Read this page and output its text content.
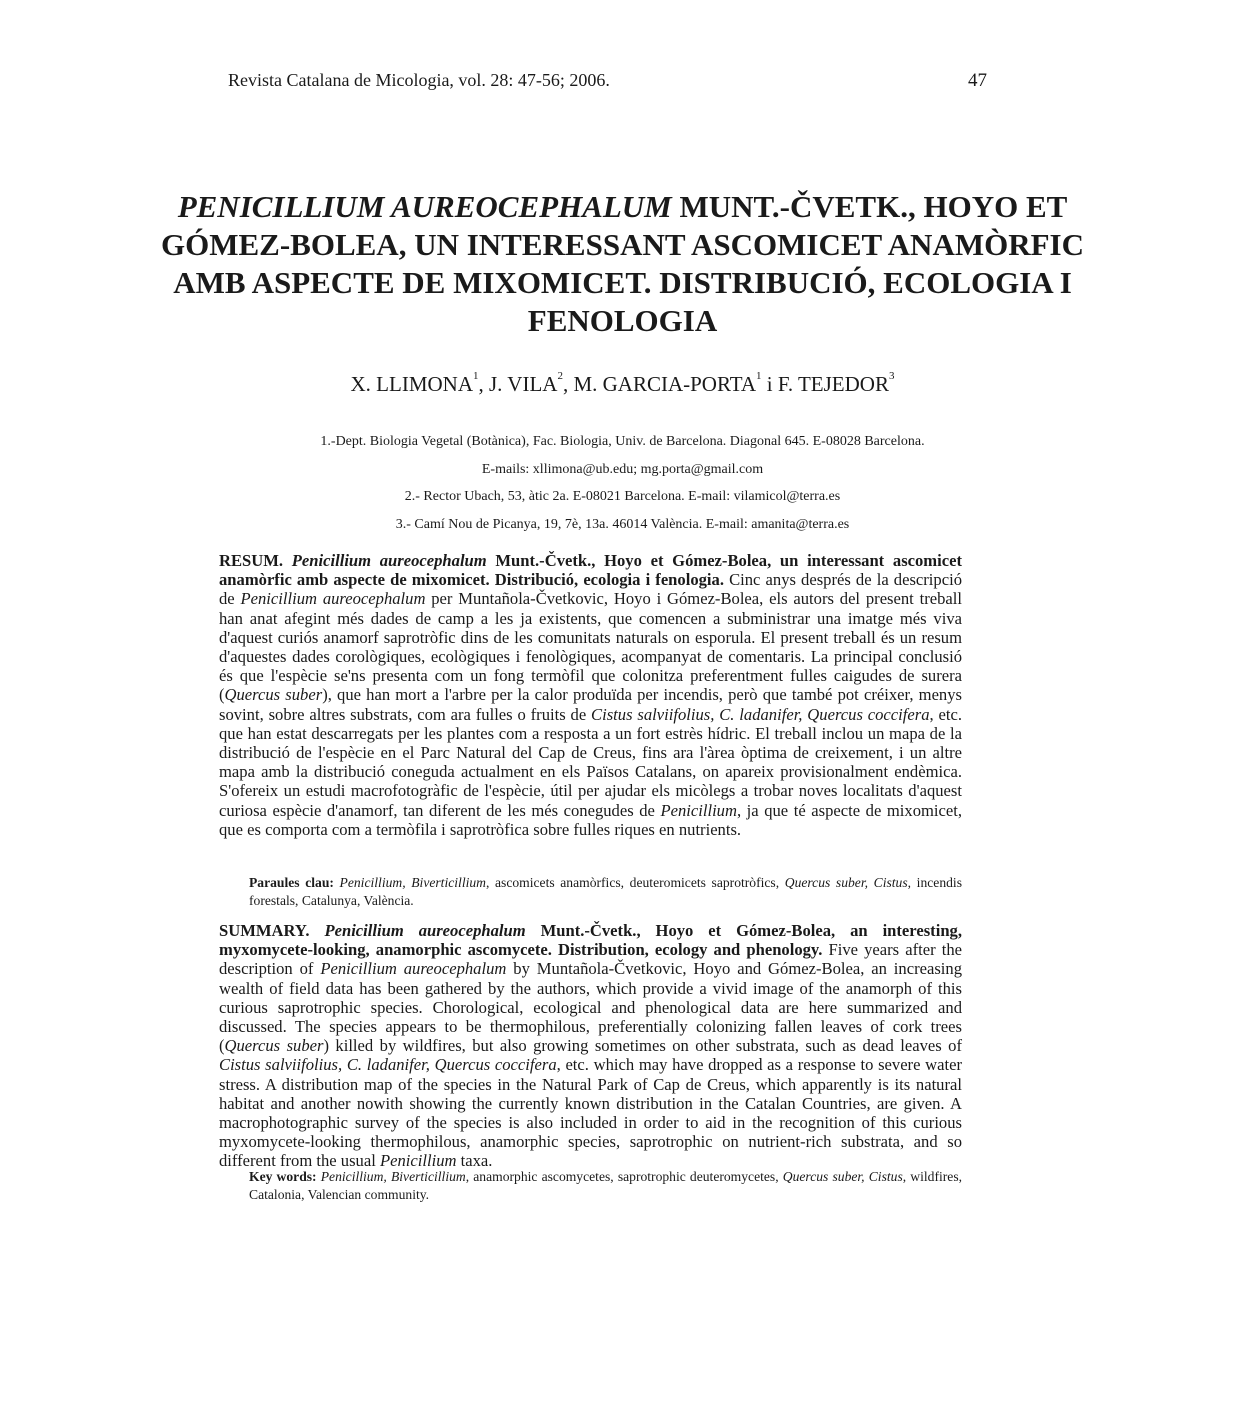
Revista Catalana de Micologia, vol. 28: 47-56; 2006.	47
PENICILLIUM AUREOCEPHALUM MUNT.-ČVETK., HOYO ET GÓMEZ-BOLEA, UN INTERESSANT ASCOMICET ANAMÒRFIC AMB ASPECTE DE MIXOMICET. DISTRIBUCIÓ, ECOLOGIA I FENOLOGIA
X. LLIMONA$^1$, J. VILA$^2$, M. GARCIA-PORTA$^1$ i F. TEJEDOR$^3$
1.-Dept. Biologia Vegetal (Botànica), Fac. Biologia, Univ. de Barcelona. Diagonal 645. E-08028 Barcelona.
E-mails: xllimona@ub.edu; mg.porta@gmail.com
2.- Rector Ubach, 53, àtic 2a. E-08021 Barcelona. E-mail: vilamicol@terra.es
3.- Camí Nou de Picanya, 19, 7è, 13a. 46014 València. E-mail: amanita@terra.es
RESUM. Penicillium aureocephalum Munt.-Čvetk., Hoyo et Gómez-Bolea, un interessant ascomicet anamòrfic amb aspecte de mixomicet. Distribució, ecologia i fenologia. Cinc anys després de la descripció de Penicillium aureocephalum per Muntañola-Čvetkovic, Hoyo i Gómez-Bolea, els autors del present treball han anat afegint més dades de camp a les ja existents, que comencen a subministrar una imatge més viva d'aquest curiós anamorf saprotròfic dins de les comunitats naturals on esporula. El present treball és un resum d'aquestes dades corològiques, ecològiques i fenològiques, acompanyat de comentaris. La principal conclusió és que l'espècie se'ns presenta com un fong termòfil que colonitza preferentment fulles caigudes de surera (Quercus suber), que han mort a l'arbre per la calor produïda per incendis, però que també pot créixer, menys sovint, sobre altres substrats, com ara fulles o fruits de Cistus salviifolius, C. ladanifer, Quercus coccifera, etc. que han estat descarregats per les plantes com a resposta a un fort estrès hídric. El treball inclou un mapa de la distribució de l'espècie en el Parc Natural del Cap de Creus, fins ara l'àrea òptima de creixement, i un altre mapa amb la distribució coneguda actualment en els Països Catalans, on apareix provisionalment endèmica. S'ofereix un estudi macrofotogràfic de l'espècie, útil per ajudar els micòlegs a trobar noves localitats d'aquest curiosa espècie d'anamorf, tan diferent de les més conegudes de Penicillium, ja que té aspecte de mixomicet, que es comporta com a termòfila i saprotròfica sobre fulles riques en nutrients.
Paraules clau: Penicillium, Biverticillium, ascomicets anamòrfics, deuteromicets saprotròfics, Quercus suber, Cistus, incendis forestals, Catalunya, València.
SUMMARY. Penicillium aureocephalum Munt.-Čvetk., Hoyo et Gómez-Bolea, an interesting, myxomycete-looking, anamorphic ascomycete. Distribution, ecology and phenology. Five years after the description of Penicillium aureocephalum by Muntañola-Čvetkovic, Hoyo and Gómez-Bolea, an increasing wealth of field data has been gathered by the authors, which provide a vivid image of the anamorph of this curious saprotrophic species. Chorological, ecological and phenological data are here summarized and discussed. The species appears to be thermophilous, preferentially colonizing fallen leaves of cork trees (Quercus suber) killed by wildfires, but also growing sometimes on other substrata, such as dead leaves of Cistus salviifolius, C. ladanifer, Quercus coccifera, etc. which may have dropped as a response to severe water stress. A distribution map of the species in the Natural Park of Cap de Creus, which apparently is its natural habitat and another nowith showing the currently known distribution in the Catalan Countries, are given. A macrophotographic survey of the species is also included in order to aid in the recognition of this curious myxomycete-looking thermophilous, anamorphic species, saprotrophic on nutrient-rich substrata, and so different from the usual Penicillium taxa.
Key words: Penicillium, Biverticillium, anamorphic ascomycetes, saprotrophic deuteromycetes, Quercus suber, Cistus, wildfires, Catalonia, Valencian community.
